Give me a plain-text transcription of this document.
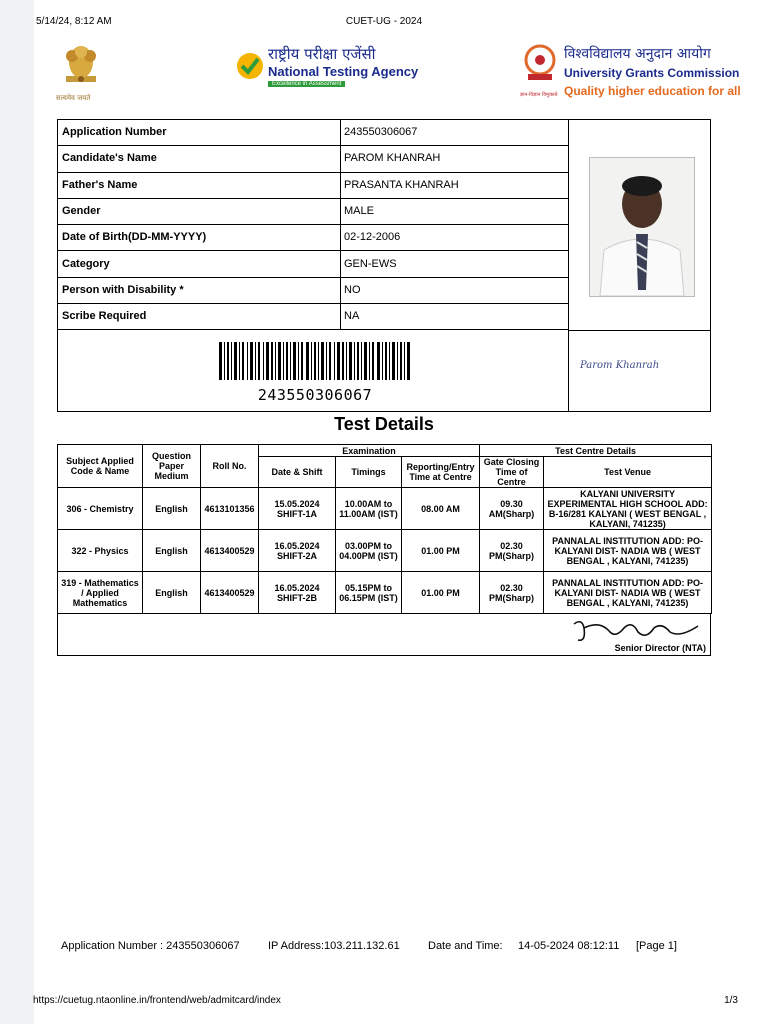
5/14/24, 8:12 AM	CUET-UG - 2024
सत्यमेव जयते
राष्ट्रीय परीक्षा एजेंसी
National Testing Agency
Excellence in Assessment
ज्ञान-विज्ञान विमुक्तये
विश्वविद्यालय अनुदान आयोग
University Grants Commission
Quality higher education for all
Application Number	243550306067
Candidate's Name	PAROM KHANRAH
Father's Name	PRASANTA KHANRAH
Gender	MALE
Date of Birth(DD-MM-YYYY)	02-12-2006
Category	GEN-EWS
Person with Disability *	NO
Scribe Required	NA
243550306067
Parom Khanrah
Test Details
Subject Applied Code & Name	Question Paper Medium	Roll No.	Examination			Test Centre Details	
			Date & Shift	Timings	Reporting/Entry Time at Centre	Gate Closing Time of Centre	Test Venue
306 - Chemistry	English	4613101356	15.05.2024 SHIFT-1A	10.00AM to 11.00AM (IST)	08.00 AM	09.30 AM(Sharp)	KALYANI UNIVERSITY EXPERIMENTAL HIGH SCHOOL ADD: B-16/281 KALYANI ( WEST BENGAL , KALYANI, 741235)
322 - Physics	English	4613400529	16.05.2024 SHIFT-2A	03.00PM to 04.00PM (IST)	01.00 PM	02.30 PM(Sharp)	PANNALAL INSTITUTION ADD: PO- KALYANI DIST- NADIA WB ( WEST BENGAL , KALYANI, 741235)
319 - Mathematics / Applied Mathematics	English	4613400529	16.05.2024 SHIFT-2B	05.15PM to 06.15PM (IST)	01.00 PM	02.30 PM(Sharp)	PANNALAL INSTITUTION ADD: PO- KALYANI DIST- NADIA WB ( WEST BENGAL , KALYANI, 741235)
Senior Director (NTA)
Application Number : 243550306067	IP Address:103.211.132.61	Date and Time: 14-05-2024 08:12:11 [Page 1]
https://cuetug.ntaonline.in/frontend/web/admitcard/index	1/3
